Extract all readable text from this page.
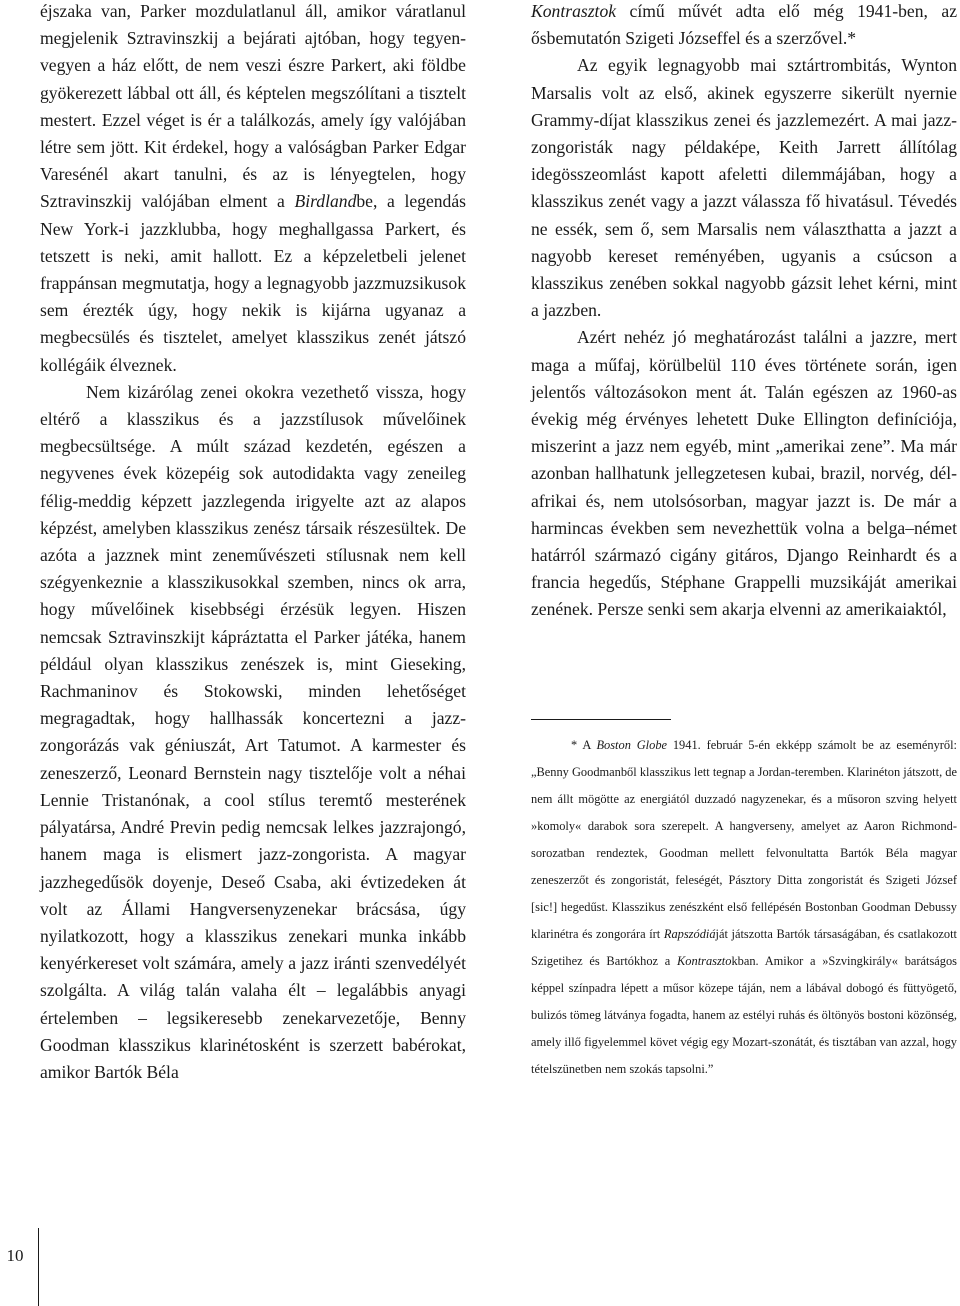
éjszaka van, Parker mozdulatlanul áll, amikor váratlanul megjelenik Sztravinszkij a bejárati ajtóban, hogy tegyen-vegyen a ház előtt, de nem veszi észre Parkert, aki földbe gyökerezett lábbal ott áll, és képtelen megszólítani a tisztelt mestert. Ezzel véget is ér a találkozás, amely így valójában létre sem jött. Kit érdekel, hogy a valóságban Parker Edgar Varesénél akart tanulni, és az is lényegtelen, hogy Sztravinszkij valójában elment a Birdlandbe, a legendás New York-i jazzklubba, hogy meghallgassa Parkert, és tetszett is neki, amit hallott. Ez a képzeletbeli jelenet frappánsan megmutatja, hogy a legnagyobb jazzmuzsikusok sem érezték úgy, hogy nekik is kijárna ugyanaz a megbecsülés és tisztelet, amelyet klasszikus zenét játszó kollégáik élveznek.

Nem kizárólag zenei okokra vezethető vissza, hogy eltérő a klasszikus és a jazzstílusok művelőinek megbecsültsége. A múlt század kezdetén, egészen a negyvenes évek közepéig sok autodidakta vagy zeneileg félig-meddig képzett jazzlegenda irigyelte azt az alapos képzést, amelyben klasszikus zenész társaik részesültek. De azóta a jazznek mint zeneművészeti stílusnak nem kell szégyenkeznie a klasszikusokkal szemben, nincs ok arra, hogy művelőinek kisebbségi érzésük legyen. Hiszen nemcsak Sztravinszkijt kápráztatta el Parker játéka, hanem például olyan klasszikus zenészek is, mint Gieseking, Rachmaninov és Stokowski, minden lehetőséget megragadtak, hogy hallhassák koncertezni a jazz-zongorázás vak géniuszát, Art Tatumot. A karmester és zeneszerző, Leonard Bernstein nagy tisztelője volt a néhai Lennie Tristanónak, a cool stílus teremtő mesterének pályatársa, André Previn pedig nemcsak lelkes jazzrajongó, hanem maga is elismert jazz-zongorista. A magyar jazzhegedűsök doyenje, Deseő Csaba, aki évtizedeken át volt az Állami Hangversenyzenekar brácsása, úgy nyilatkozott, hogy a klasszikus zenekari munka inkább kenyérkereset volt számára, amely a jazz iránti szenvedélyét szolgálta. A világ talán valaha élt – legalábbis anyagi értelemben – legsikeresebb zenekarvezetője, Benny Goodman klasszikus klarinétosként is szerzett babérokat, amikor Bartók Béla

Kontrasztok című művét adta elő még 1941-ben, az ősbemutatón Szigeti Józseffel és a szerzővel.*

Az egyik legnagyobb mai sztártrombitás, Wynton Marsalis volt az első, akinek egyszerre sikerült nyernie Grammy-díjat klasszikus zenei és jazzlemezért. A mai jazz-zongoristák nagy példaképe, Keith Jarrett állítólag idegösszeomlást kapott afeletti dilemmájában, hogy a klasszikus zenét vagy a jazzt válassza fő hivatásul. Tévedés ne essék, sem ő, sem Marsalis nem választhatta a jazzt a nagyobb kereset reményében, ugyanis a csúcson a klasszikus zenében sokkal nagyobb gázsit lehet kérni, mint a jazzben.

Azért nehéz jó meghatározást találni a jazzre, mert maga a műfaj, körülbelül 110 éves története során, igen jelentős változásokon ment át. Talán egészen az 1960-as évekig még érvényes lehetett Duke Ellington definíciója, miszerint a jazz nem egyéb, mint „amerikai zene”. Ma már azonban hallhatunk jellegzetesen kubai, brazil, norvég, dél-afrikai és, nem utolsósorban, magyar jazzt is. De már a harmincas években sem nevezhettük volna a belga–német határról származó cigány gitáros, Django Reinhardt és a francia hegedűs, Stéphane Grappelli muzsikáját amerikai zenének. Persze senki sem akarja elvenni az amerikaiaktól,

* A Boston Globe 1941. február 5-én ekképp számolt be az eseményről: „Benny Goodmanből klasszikus lett tegnap a Jordan-teremben. Klarinéton játszott, de nem állt mögötte az energiától duzzadó nagyzenekar, és a műsoron szving helyett »komoly« darabok sora szerepelt. A hangverseny, amelyet az Aaron Richmond-sorozatban rendeztek, Goodman mellett felvonultatta Bartók Béla magyar zeneszerzőt és zongoristát, feleségét, Pásztory Ditta zongoristát és Szigeti József [sic!] hegedűst. Klasszikus zenészként első fellépésén Bostonban Goodman Debussy klarinétra és zongorára írt Rapszódiáját játszotta Bartók társaságában, és csatlakozott Szigetihez és Bartókhoz a Kontrasztokban. Amikor a »Szvingkirály« barátságos képpel színpadra lépett a műsor közepe táján, nem a lábával dobogó és füttyögető, bulizós tömeg látványa fogadta, hanem az estélyi ruhás és öltönyös bostoni közönség, amely illő figyelemmel követ végig egy Mozart-szonátát, és tisztában van azzal, hogy tételszünetben nem szokás tapsolni.”

10
